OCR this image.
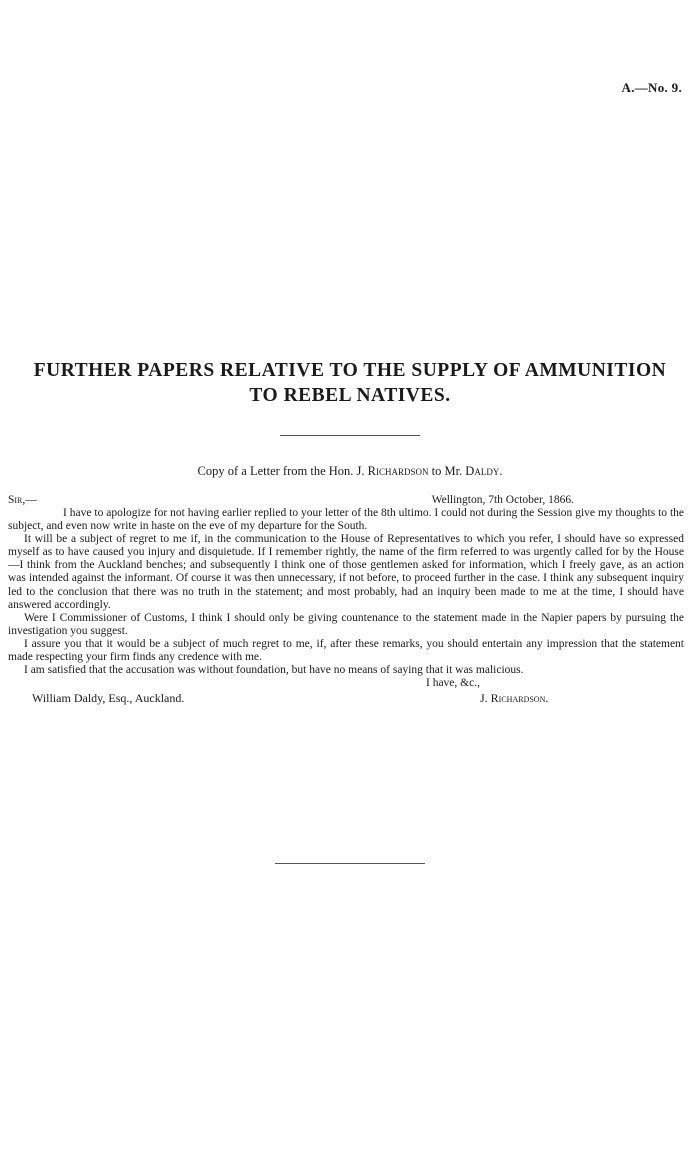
A.—No. 9.
FURTHER PAPERS RELATIVE TO THE SUPPLY OF AMMUNITION
TO REBEL NATIVES.
Copy of a Letter from the Hon. J. Richardson to Mr. Daldy.
Sir,—	Wellington, 7th October, 1866.

I have to apologize for not having earlier replied to your letter of the 8th ultimo. I could not during the Session give my thoughts to the subject, and even now write in haste on the eve of my departure for the South.

It will be a subject of regret to me if, in the communication to the House of Representatives to which you refer, I should have so expressed myself as to have caused you injury and disquietude. If I remember rightly, the name of the firm referred to was urgently called for by the House—I think from the Auckland benches; and subsequently I think one of those gentlemen asked for information, which I freely gave, as an action was intended against the informant. Of course it was then unnecessary, if not before, to proceed further in the case. I think any subsequent inquiry led to the conclusion that there was no truth in the statement; and most probably, had an inquiry been made to me at the time, I should have answered accordingly.

Were I Commissioner of Customs, I think I should only be giving countenance to the statement made in the Napier papers by pursuing the investigation you suggest.

I assure you that it would be a subject of much regret to me, if, after these remarks, you should entertain any impression that the statement made respecting your firm finds any credence with me.

I am satisfied that the accusation was without foundation, but have no means of saying that it was malicious.

I have, &c.,
William Daldy, Esq., Auckland.	J. Richardson.
